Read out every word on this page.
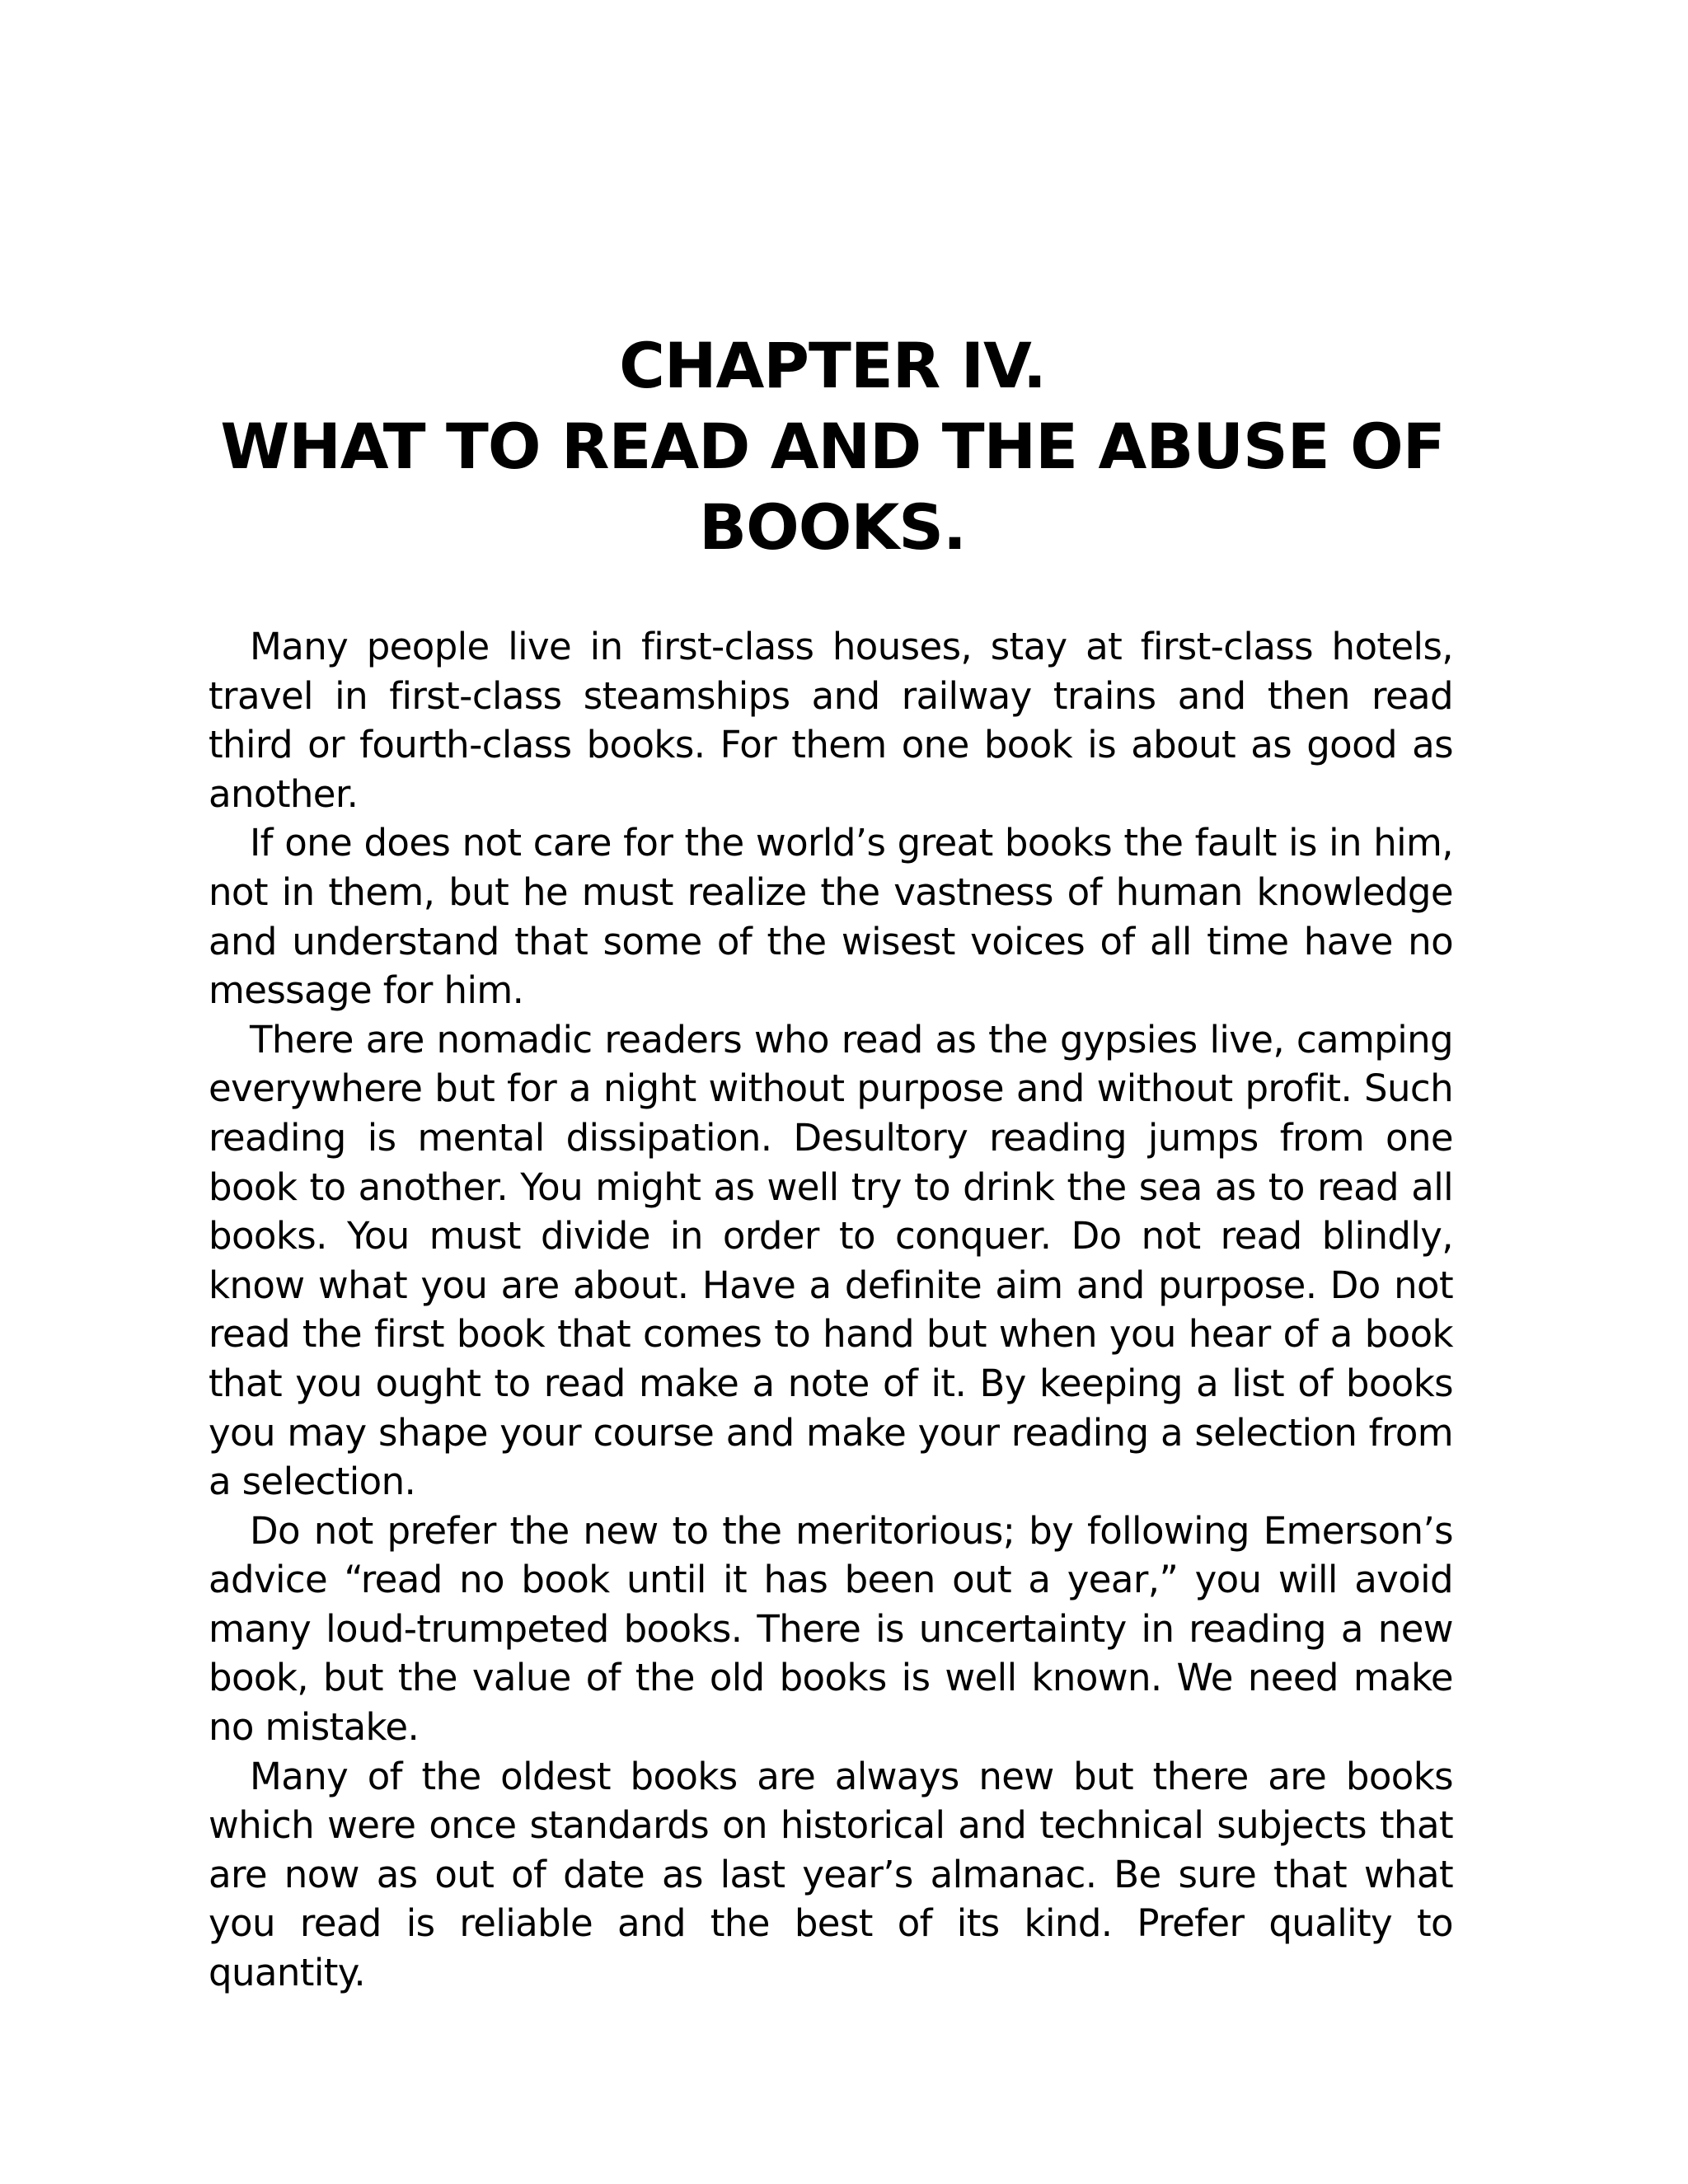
CHAPTER IV.
WHAT TO READ AND THE ABUSE OF
BOOKS.

Many people live in first-class houses, stay at first-class hotels, travel in first-class steamships and railway trains and then read third or fourth-class books. For them one book is about as good as another.

If one does not care for the world’s great books the fault is in him, not in them, but he must realize the vastness of human knowledge and understand that some of the wisest voices of all time have no message for him.

There are nomadic readers who read as the gypsies live, camping everywhere but for a night without purpose and without profit. Such reading is mental dissipation. Desultory reading jumps from one book to another. You might as well try to drink the sea as to read all books. You must divide in order to conquer. Do not read blindly, know what you are about. Have a definite aim and purpose. Do not read the first book that comes to hand but when you hear of a book that you ought to read make a note of it. By keeping a list of books you may shape your course and make your reading a selection from a selection.

Do not prefer the new to the meritorious; by following Emerson’s advice “read no book until it has been out a year,” you will avoid many loud-trumpeted books. There is uncertainty in reading a new book, but the value of the old books is well known. We need make no mistake.

Many of the oldest books are always new but there are books which were once standards on historical and technical subjects that are now as out of date as last year’s almanac. Be sure that what you read is reliable and the best of its kind. Prefer quality to quantity.
